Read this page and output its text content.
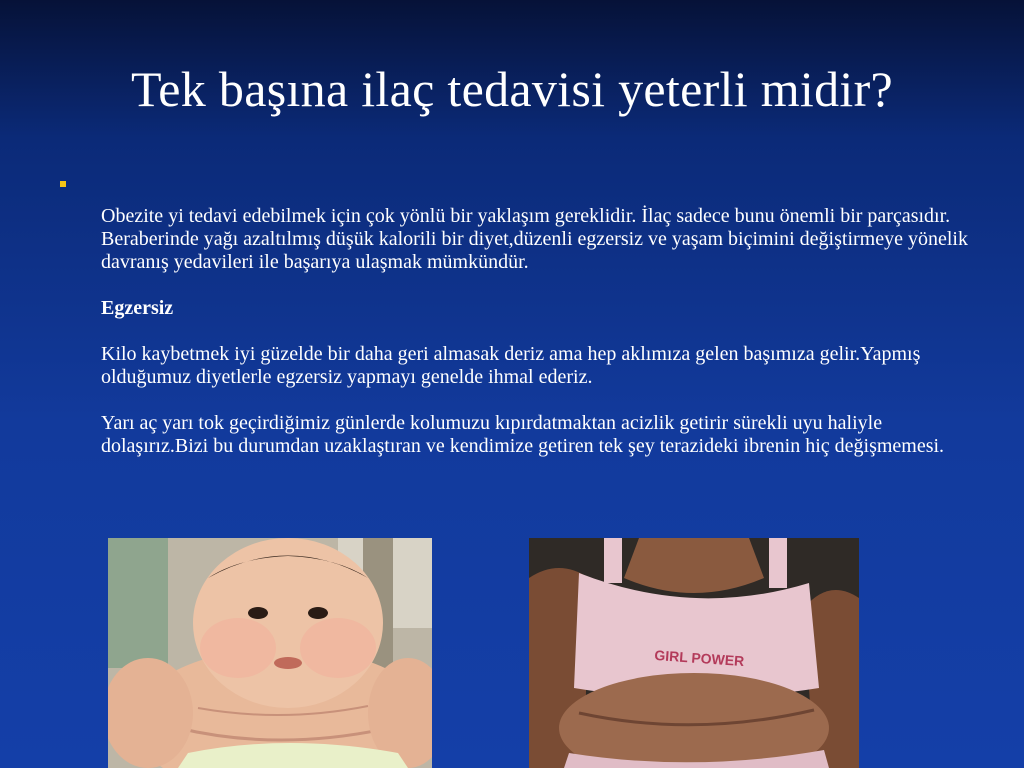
Tek başına ilaç tedavisi yeterli midir?

Obezite yi tedavi edebilmek için çok yönlü bir yaklaşım gereklidir. İlaç sadece bunu önemli bir parçasıdır. Beraberinde yağı azaltılmış düşük kalorili bir diyet,düzenli egzersiz ve yaşam biçimini değiştirmeye yönelik davranış yedavileri ile başarıya ulaşmak mümkündür.

Egzersiz

Kilo kaybetmek iyi güzelde bir daha geri almasak deriz ama hep aklımıza gelen başımıza gelir.Yapmış olduğumuz diyetlerle egzersiz yapmayı genelde ihmal ederiz.

Yarı aç yarı tok geçirdiğimiz günlerde kolumuzu kıpırdatmaktan acizlik getirir sürekli uyu haliyle dolaşırız.Bizi bu durumdan uzaklaştıran ve kendimize getiren tek şey terazideki ibrenin hiç değişmemesi.

GIRL POWER
